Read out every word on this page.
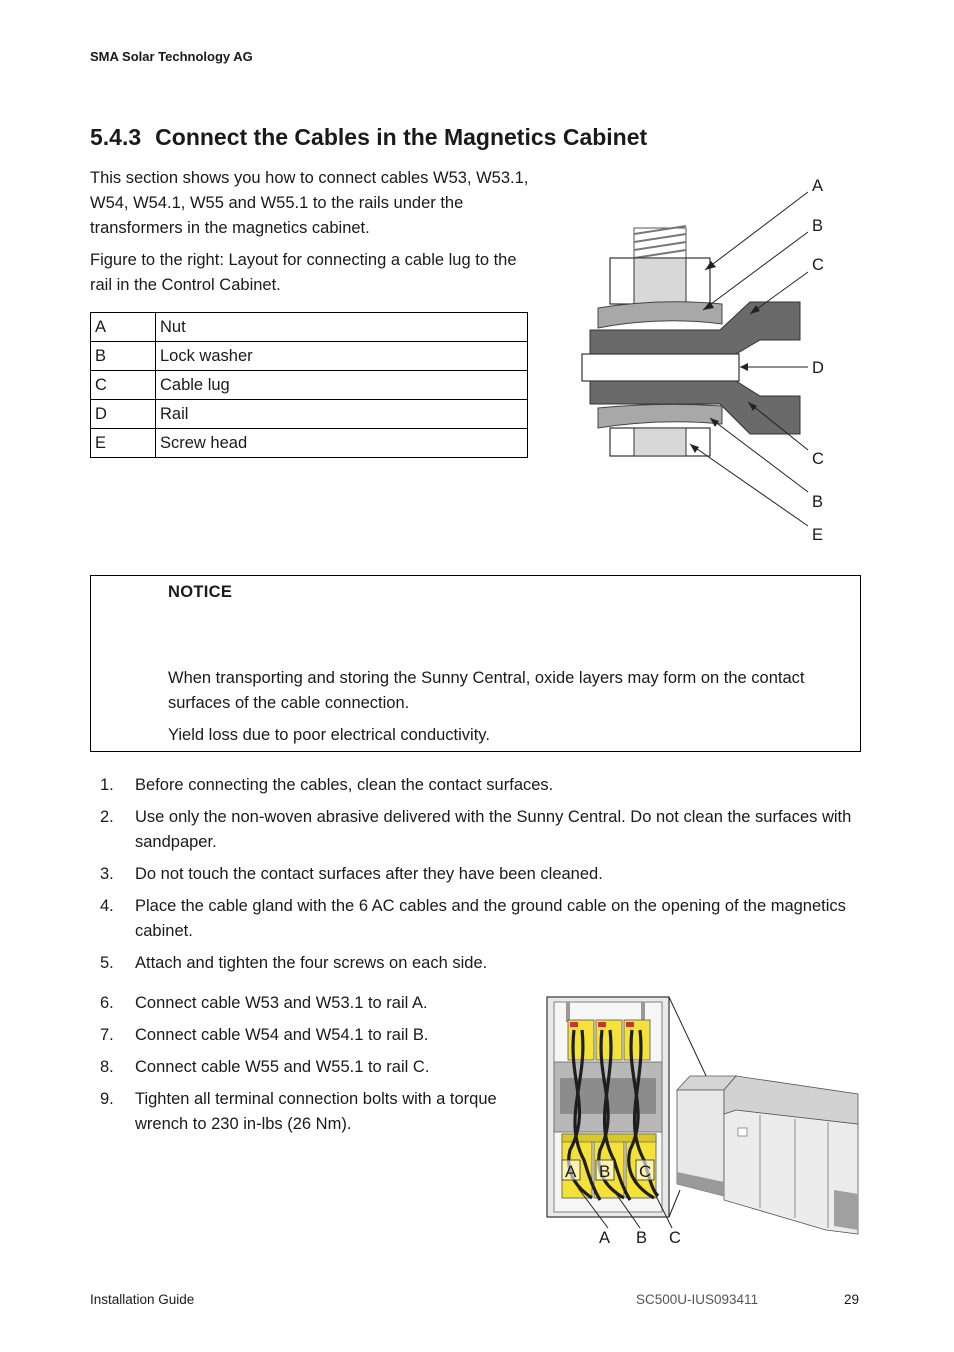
SMA Solar Technology AG
5.4.3 Connect the Cables in the Magnetics Cabinet
This section shows you how to connect cables W53, W53.1, W54, W54.1, W55 and W55.1 to the rails under the transformers in the magnetics cabinet.
Figure to the right: Layout for connecting a cable lug to the rail in the Control Cabinet.
A	Nut
B	Lock washer
C	Cable lug
D	Rail
E	Screw head
A
B
C
D
C
B
E
NOTICE

When transporting and storing the Sunny Central, oxide layers may form on the contact surfaces of the cable connection.

Yield loss due to poor electrical conductivity.

1. Before connecting the cables, clean the contact surfaces.
2. Use only the non-woven abrasive delivered with the Sunny Central. Do not clean the surfaces with sandpaper.
3. Do not touch the contact surfaces after they have been cleaned.
4. Place the cable gland with the 6 AC cables and the ground cable on the opening of the magnetics cabinet.
5. Attach and tighten the four screws on each side.
6. Connect cable W53 and W53.1 to rail A.
7. Connect cable W54 and W54.1 to rail B.
8. Connect cable W55 and W55.1 to rail C.
9. Tighten all terminal connection bolts with a torque wrench to 230 in-lbs (26 Nm).
A B C
A B C
Installation Guide	SC500U-IUS093411	29
